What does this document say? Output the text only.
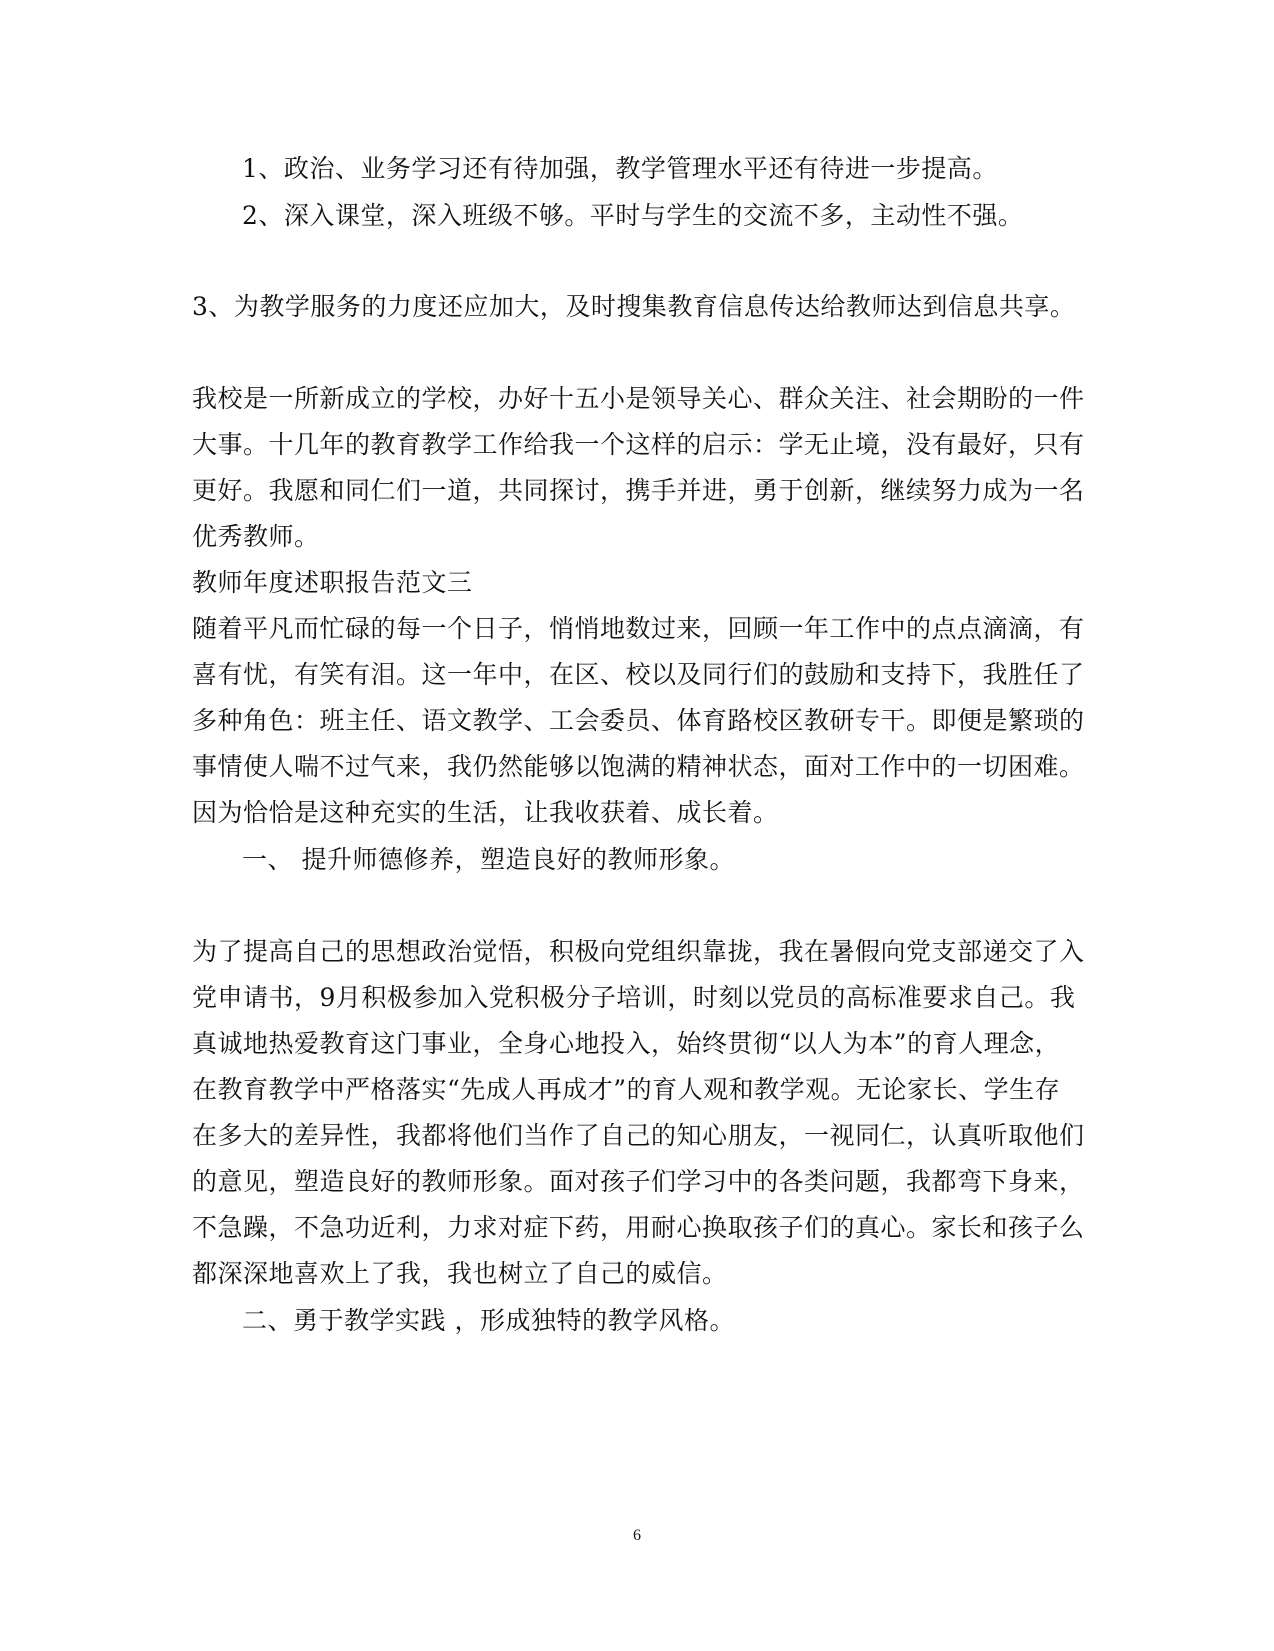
1、政治、业务学习还有待加强，教学管理水平还有待进一步提高。
2、深入课堂，深入班级不够。平时与学生的交流不多，主动性不强。
3、为教学服务的力度还应加大，及时搜集教育信息传达给教师达到信息共享。
我校是一所新成立的学校，办好十五小是领导关心、群众关注、社会期盼的一件
大事。十几年的教育教学工作给我一个这样的启示：学无止境，没有最好，只有
更好。我愿和同仁们一道，共同探讨，携手并进，勇于创新，继续努力成为一名
优秀教师。
教师年度述职报告范文三
随着平凡而忙碌的每一个日子，悄悄地数过来，回顾一年工作中的点点滴滴，有
喜有忧，有笑有泪。这一年中，在区、校以及同行们的鼓励和支持下，我胜任了
多种角色：班主任、语文教学、工会委员、体育路校区教研专干。即便是繁琐的
事情使人喘不过气来，我仍然能够以饱满的精神状态，面对工作中的一切困难。
因为恰恰是这种充实的生活，让我收获着、成长着。
一、 提升师德修养，塑造良好的教师形象。
为了提高自己的思想政治觉悟，积极向党组织靠拢，我在暑假向党支部递交了入
党申请书，9月积极参加入党积极分子培训，时刻以党员的高标准要求自己。我
真诚地热爱教育这门事业，全身心地投入，始终贯彻“以人为本”的育人理念，
在教育教学中严格落实“先成人再成才”的育人观和教学观。无论家长、学生存
在多大的差异性，我都将他们当作了自己的知心朋友，一视同仁，认真听取他们
的意见，塑造良好的教师形象。面对孩子们学习中的各类问题，我都弯下身来，
不急躁，不急功近利，力求对症下药，用耐心换取孩子们的真心。家长和孩子么
都深深地喜欢上了我，我也树立了自己的威信。
二、勇于教学实践 ，形成独特的教学风格。
6
